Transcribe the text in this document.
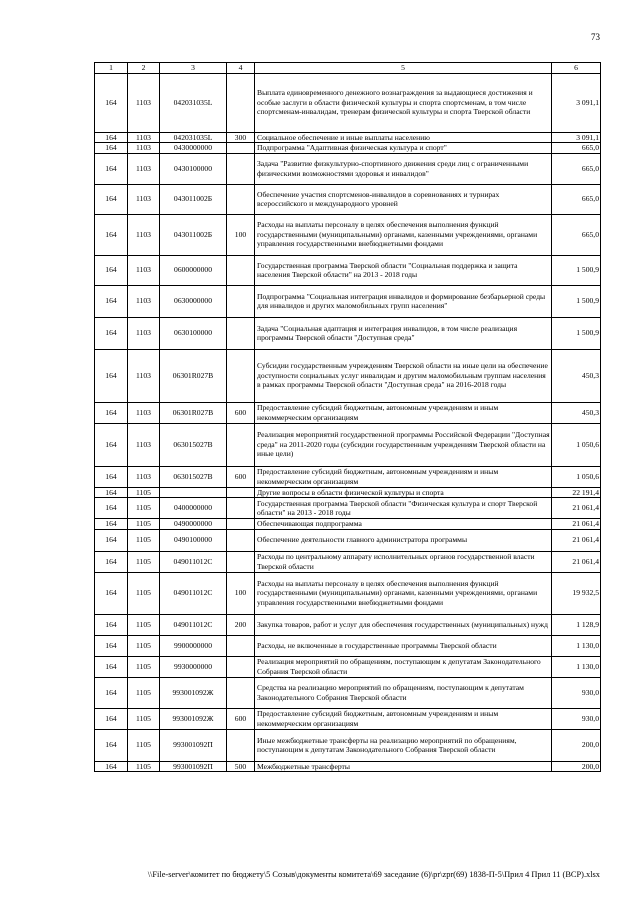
73
1	2	3	4	5	6
164	1103	042031035L		Выплата единовременного денежного вознаграждения за выдающиеся достижения и особые заслуги в области физической культуры и спорта спортсменам, в том числе спортсменам-инвалидам, тренерам физической культуры и спорта Тверской области	3 091,1
164	1103	042031035L	300	Социальное обеспечение и иные выплаты населению	3 091,1
164	1103	0430000000		Подпрограмма "Адаптивная физическая культура и спорт"	665,0
164	1103	0430100000		Задача "Развитие физкультурно-спортивного движения среди лиц с ограниченными физическими возможностями здоровья и инвалидов"	665,0
164	1103	043011002Б		Обеспечение участия спортсменов-инвалидов в соревнованиях и турнирах всероссийского и международного уровней	665,0
164	1103	043011002Б	100	Расходы на выплаты персоналу в целях обеспечения выполнения функций государственными (муниципальными) органами, казенными учреждениями, органами управления государственными внебюджетными фондами	665,0
164	1103	0600000000		Государственная программа Тверской области "Социальная поддержка и защита населения Тверской области" на 2013 - 2018 годы	1 500,9
164	1103	0630000000		Подпрограмма "Социальная интеграция инвалидов и формирование безбарьерной среды для инвалидов и других маломобильных групп населения"	1 500,9
164	1103	0630100000		Задача "Социальная адаптация и интеграция инвалидов, в том числе реализация программы Тверской области "Доступная среда"	1 500,9
164	1103	06301R027B		Субсидии государственным учреждениям Тверской области на иные цели на обеспечение доступности социальных услуг инвалидам и другим маломобильным группам населения в рамках программы Тверской области "Доступная среда" на 2016-2018 годы	450,3
164	1103	06301R027B	600	Предоставление субсидий бюджетным, автономным учреждениям и иным некоммерческим организациям	450,3
164	1103	063015027B		Реализация мероприятий государственной программы Российской Федерации "Доступная среда" на 2011-2020 годы (субсидии государственным учреждениям Тверской области на иные цели)	1 050,6
164	1103	063015027B	600	Предоставление субсидий бюджетным, автономным учреждениям и иным некоммерческим организациям	1 050,6
164	1105			Другие вопросы в области физической культуры и спорта	22 191,4
164	1105	0400000000		Государственная программа Тверской области "Физическая культура и спорт Тверской области" на 2013 - 2018 годы	21 061,4
164	1105	0490000000		Обеспечивающая подпрограмма	21 061,4
164	1105	0490100000		Обеспечение деятельности главного администратора программы	21 061,4
164	1105	049011012C		Расходы по центральному аппарату исполнительных органов государственной власти Тверской области	21 061,4
164	1105	049011012C	100	Расходы на выплаты персоналу в целях обеспечения выполнения функций государственными (муниципальными) органами, казенными учреждениями, органами управления государственными внебюджетными фондами	19 932,5
164	1105	049011012C	200	Закупка товаров, работ и услуг для обеспечения государственных (муниципальных) нужд	1 128,9
164	1105	9900000000		Расходы, не включенные в государственные программы Тверской области	1 130,0
164	1105	9930000000		Реализация мероприятий по обращениям, поступающим к депутатам Законодательного Собрания Тверской области	1 130,0
164	1105	993001092Ж		Средства на реализацию мероприятий по обращениям, поступающим к депутатам Законодательного Собрания Тверской области	930,0
164	1105	993001092Ж	600	Предоставление субсидий бюджетным, автономным учреждениям и иным некоммерческим организациям	930,0
164	1105	993001092П		Иные межбюджетные трансферты на реализацию мероприятий по обращениям, поступающим к депутатам Законодательного Собрания Тверской области	200,0
164	1105	993001092П	500	Межбюджетные трансферты	200,0
\\File-server\комитет по бюджету\5 Созыв\документы комитета\69 заседание (6)\pr\zpr(69) 1838-П-5\Прил 4 Прил 11 (ВСР).xlsx
